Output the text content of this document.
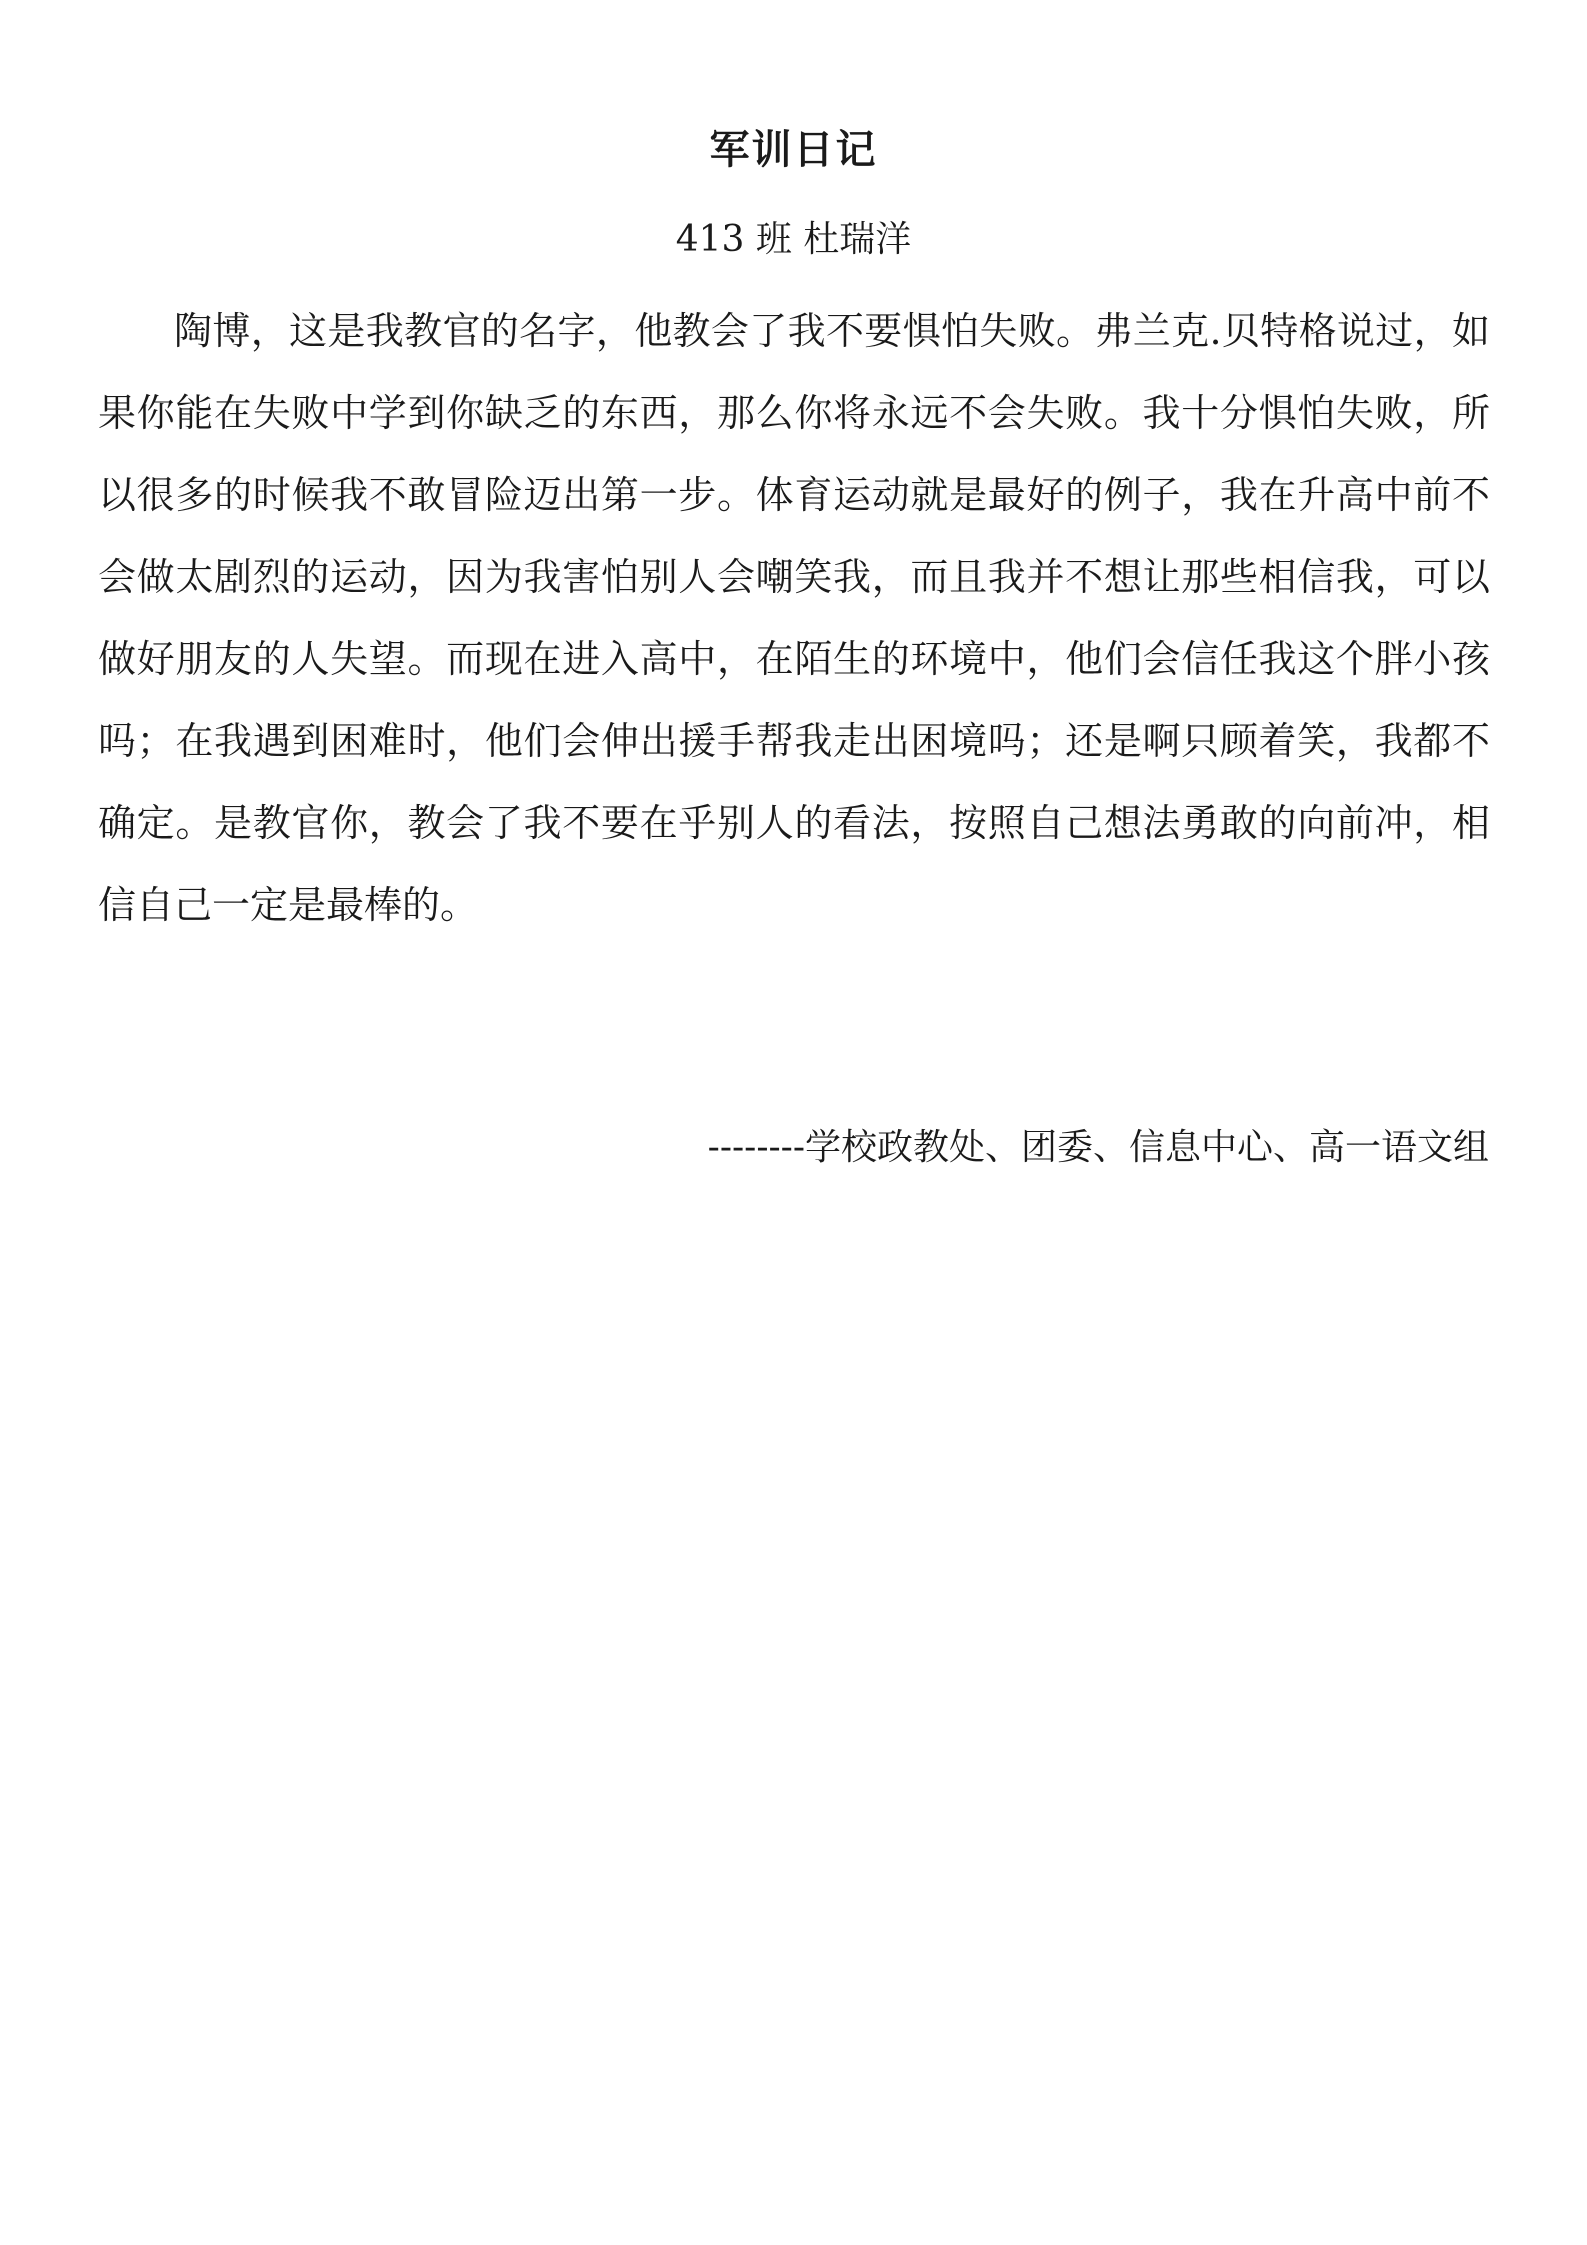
军训日记
413 班 杜瑞洋

陶博，这是我教官的名字，他教会了我不要惧怕失败。弗兰克.贝特格说过，如果你能在失败中学到你缺乏的东西，那么你将永远不会失败。我十分惧怕失败，所以很多的时候我不敢冒险迈出第一步。体育运动就是最好的例子，我在升高中前不会做太剧烈的运动，因为我害怕别人会嘲笑我，而且我并不想让那些相信我，可以做好朋友的人失望。而现在进入高中，在陌生的环境中，他们会信任我这个胖小孩吗；在我遇到困难时，他们会伸出援手帮我走出困境吗；还是啊只顾着笑，我都不确定。是教官你，教会了我不要在乎别人的看法，按照自己想法勇敢的向前冲，相信自己一定是最棒的。

--------学校政教处、团委、信息中心、高一语文组
